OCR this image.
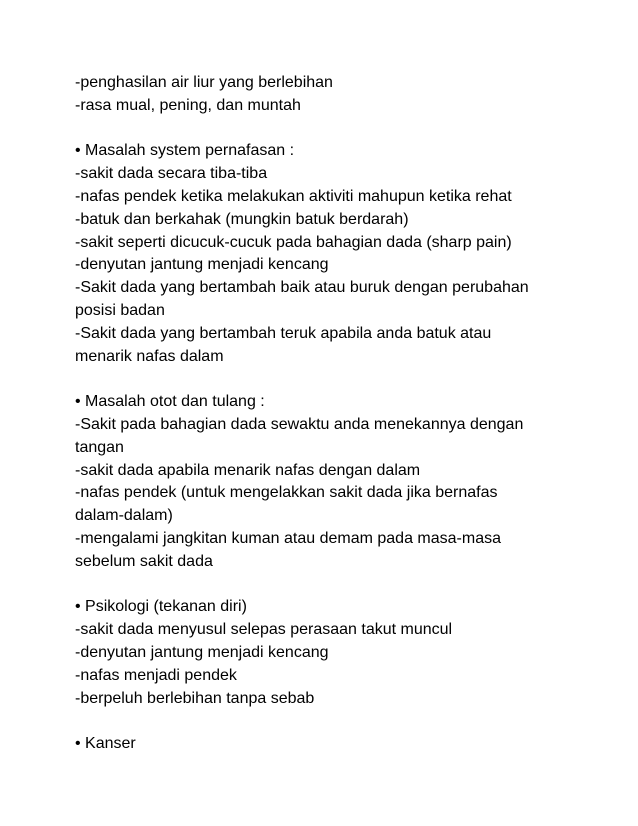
-penghasilan air liur yang berlebihan

-rasa mual, pening, dan muntah

• Masalah system pernafasan :

-sakit dada secara tiba-tiba

-nafas pendek ketika melakukan aktiviti mahupun ketika rehat

-batuk dan berkahak (mungkin batuk berdarah)

-sakit seperti dicucuk-cucuk pada bahagian dada (sharp pain)

-denyutan jantung menjadi kencang

-Sakit dada yang bertambah baik atau buruk dengan perubahan

posisi badan

-Sakit dada yang bertambah teruk apabila anda batuk atau

menarik nafas dalam

• Masalah otot dan tulang :

-Sakit pada bahagian dada sewaktu anda menekannya dengan

tangan

-sakit dada apabila menarik nafas dengan dalam

-nafas pendek (untuk mengelakkan sakit dada jika bernafas

dalam-dalam)

-mengalami jangkitan kuman atau demam pada masa-masa

sebelum sakit dada

• Psikologi (tekanan diri)

-sakit dada menyusul selepas perasaan takut muncul

-denyutan jantung menjadi kencang

-nafas menjadi pendek

-berpeluh berlebihan tanpa sebab

• Kanser
